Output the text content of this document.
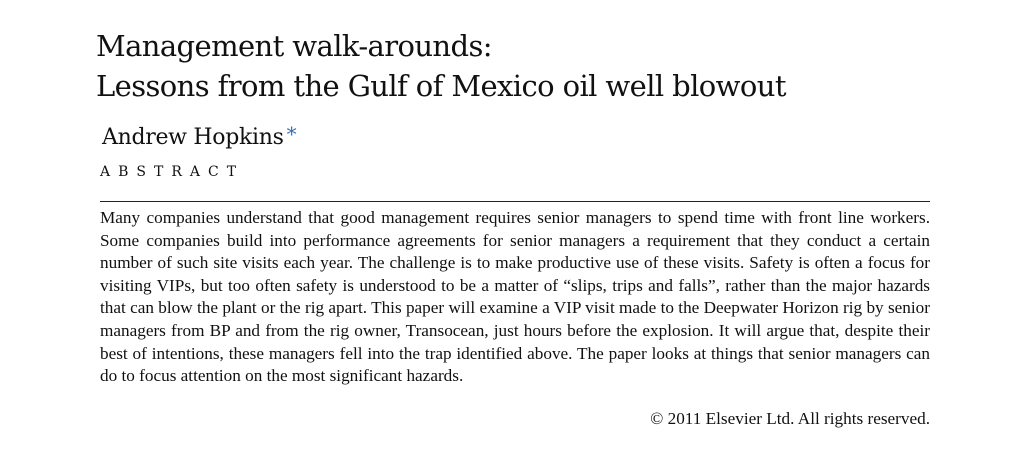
Management walk-arounds:
Lessons from the Gulf of Mexico oil well blowout
Andrew Hopkins *
ABSTRACT

Many companies understand that good management requires senior managers to spend time with front line workers. Some companies build into performance agreements for senior managers a requirement that they conduct a certain number of such site visits each year. The challenge is to make productive use of these visits. Safety is often a focus for visiting VIPs, but too often safety is understood to be a matter of “slips, trips and falls”, rather than the major hazards that can blow the plant or the rig apart. This paper will examine a VIP visit made to the Deepwater Horizon rig by senior managers from BP and from the rig owner, Transocean, just hours before the explosion. It will argue that, despite their best of intentions, these managers fell into the trap identified above. The paper looks at things that senior managers can do to focus attention on the most significant hazards.

© 2011 Elsevier Ltd. All rights reserved.
